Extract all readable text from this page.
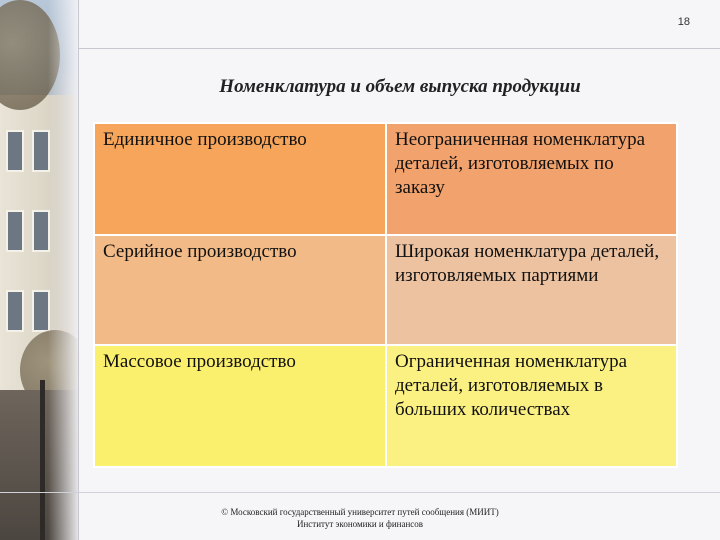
18
Номенклатура и объем выпуска продукции
Единичное производство	Неограниченная номенклатура деталей, изготовляемых по заказу
Серийное производство	Широкая номенклатура деталей, изготовляемых партиями
Массовое производство	Ограниченная номенклатура деталей, изготовляемых в больших количествах
© Московский государственный университет путей сообщения (МИИТ)
Институт экономики и финансов
